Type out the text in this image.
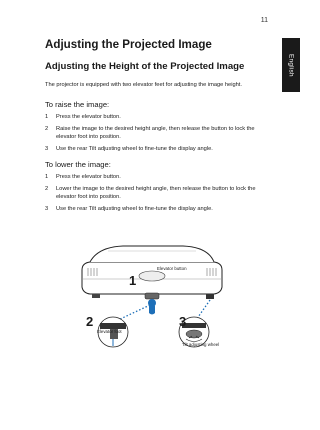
11
English
Adjusting the Projected Image
Adjusting the Height of the Projected Image

The projector is equipped with two elevator feet for adjusting the image height.

To raise the image:
1	Press the elevator button.
2	Raise the image to the desired height angle, then release the button to lock the elevator foot into position.
3	Use the rear Tilt adjusting wheel to fine-tune the display angle.
To lower the image:
1	Press the elevator button.
2	Lower the image to the desired height angle, then release the button to lock the elevator foot into position.
3	Use the rear Tilt adjusting wheel to fine-tune the display angle.
1
Elevator button
2	3
Elevator foot
Tilt adjusting wheel
